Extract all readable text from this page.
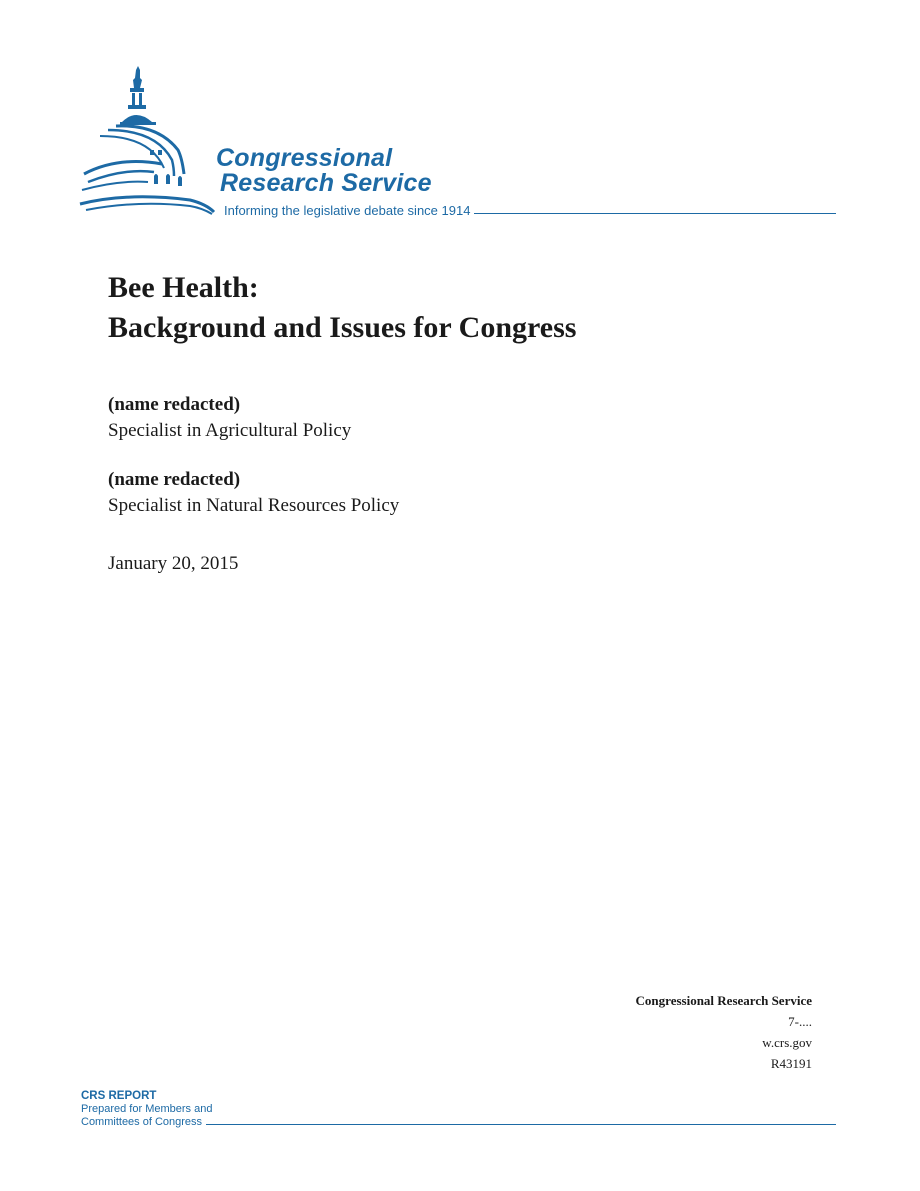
Congressional
Research Service
Informing the legislative debate since 1914
Bee Health:
Background and Issues for Congress
(name redacted)
Specialist in Agricultural Policy
(name redacted)
Specialist in Natural Resources Policy
January 20, 2015
Congressional Research Service
7-....
w.crs.gov
R43191
CRS REPORT
Prepared for Members and
Committees of Congress
